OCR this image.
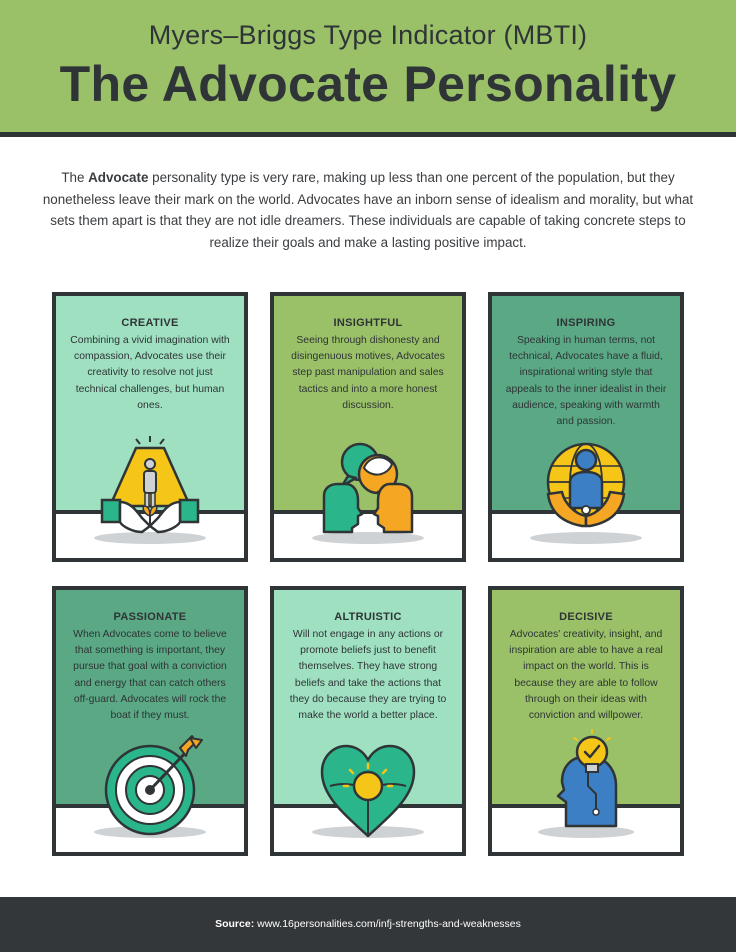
Myers–Briggs Type Indicator (MBTI)
The Advocate Personality
The Advocate personality type is very rare, making up less than one percent of the population, but they nonetheless leave their mark on the world. Advocates have an inborn sense of idealism and morality, but what sets them apart is that they are not idle dreamers. These individuals are capable of taking concrete steps to realize their goals and make a lasting positive impact.
CREATIVE
Combining a vivid imagination with compassion, Advocates use their creativity to resolve not just technical challenges, but human ones.
INSIGHTFUL
Seeing through dishonesty and disingenuous motives, Advocates step past manipulation and sales tactics and into a more honest discussion.
INSPIRING
Speaking in human terms, not technical, Advocates have a fluid, inspirational writing style that appeals to the inner idealist in their audience, speaking with warmth and passion.
PASSIONATE
When Advocates come to believe that something is important, they pursue that goal with a conviction and energy that can catch others off-guard. Advocates will rock the boat if they must.
ALTRUISTIC
Will not engage in any actions or promote beliefs just to benefit themselves. They have strong beliefs and take the actions that they do because they are trying to make the world a better place.
DECISIVE
Advocates' creativity, insight, and inspiration are able to have a real impact on the world. This is because they are able to follow through on their ideas with conviction and willpower.
Source: www.16personalities.com/infj-strengths-and-weaknesses
